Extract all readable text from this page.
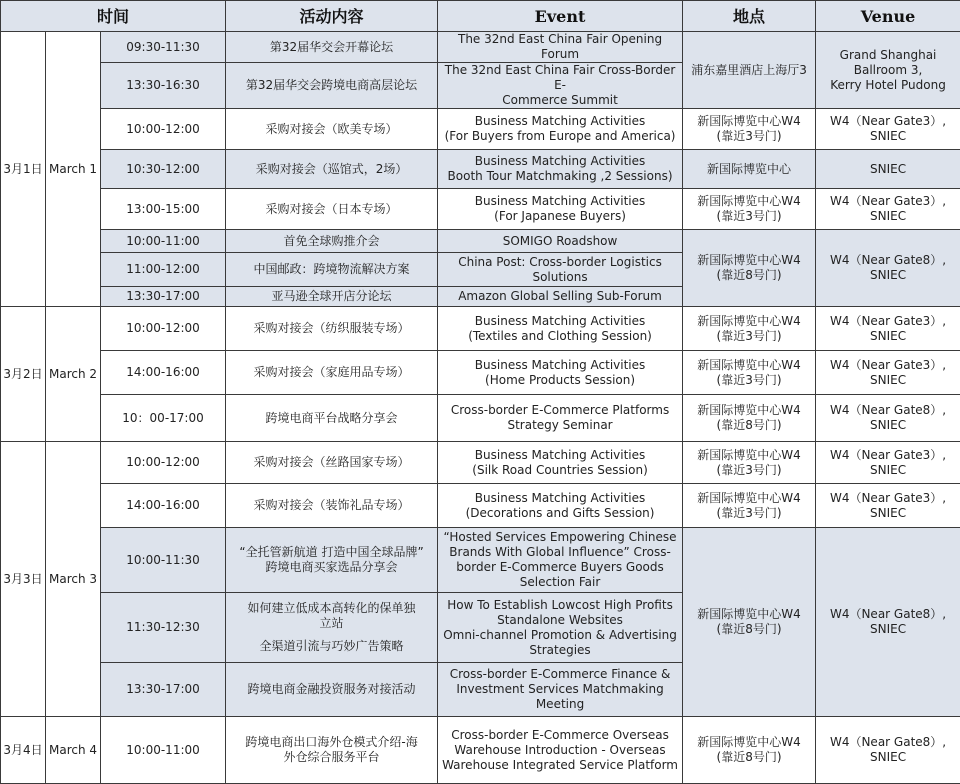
时间			活动内容	Event	地点	Venue
3月1日	March 1	09:30-11:30	第32届华交会开幕论坛	The 32nd East China Fair Opening Forum	浦东嘉里酒店上海厅3	Grand Shanghai
Ballroom 3,
Kerry Hotel Pudong

		13:30-16:30	第32届华交会跨境电商高层论坛	The 32nd East China Fair Cross-Border E-
Commerce Summit		

		10:00-12:00	采购对接会（欧美专场）	Business Matching Activities
(For Buyers from Europe and America)	新国际博览中心W4
(靠近3号门)	W4（Near Gate3）,
SNIEC

		10:30-12:00	采购对接会（巡馆式，2场）	Business Matching Activities
Booth Tour Matchmaking ,2 Sessions)	新国际博览中心	SNIEC

		13:00-15:00	采购对接会（日本专场）	Business Matching Activities
(For Japanese Buyers)	新国际博览中心W4
(靠近3号门)	W4（Near Gate3）,
SNIEC

		10:00-11:00	首免全球购推介会	SOMIGO Roadshow	新国际博览中心W4
(靠近8号门)	W4（Near Gate8）,
SNIEC

		11:00-12:00	中国邮政：跨境物流解决方案	China Post: Cross-border Logistics
Solutions		

		13:30-17:00	亚马逊全球开店分论坛	Amazon Global Selling Sub-Forum		

3月2日	March 2	10:00-12:00	采购对接会（纺织服装专场）	Business Matching Activities
(Textiles and Clothing Session)	新国际博览中心W4
(靠近3号门)	W4（Near Gate3）,
SNIEC

		14:00-16:00	采购对接会（家庭用品专场）	Business Matching Activities
(Home Products Session)	新国际博览中心W4
(靠近3号门)	W4（Near Gate3）,
SNIEC

		10：00-17:00	跨境电商平台战略分享会	Cross-border E-Commerce Platforms
Strategy Seminar	新国际博览中心W4
(靠近8号门)	W4（Near Gate8）,
SNIEC

3月3日	March 3	10:00-12:00	采购对接会（丝路国家专场）	Business Matching Activities
(Silk Road Countries Session)	新国际博览中心W4
(靠近3号门)	W4（Near Gate3）,
SNIEC

		14:00-16:00	采购对接会（装饰礼品专场）	Business Matching Activities
(Decorations and Gifts Session)	新国际博览中心W4
(靠近3号门)	W4（Near Gate3）,
SNIEC

		10:00-11:30	“全托管新航道 打造中国全球品牌”
跨境电商买家选品分享会	“Hosted Services Empowering Chinese
Brands With Global Influence” Cross-
border E-Commerce Buyers Goods
Selection Fair	新国际博览中心W4
(靠近8号门)	W4（Near Gate8）,
SNIEC

		11:30-12:30	如何建立低成本高转化的保单独
立站
全渠道引流与巧妙广告策略	How To Establish Lowcost High Profits
Standalone Websites
Omni-channel Promotion & Advertising
Strategies		

		13:30-17:00	跨境电商金融投资服务对接活动	Cross-border E-Commerce Finance &
Investment Services Matchmaking
Meeting		

3月4日	March 4	10:00-11:00	跨境电商出口海外仓模式介绍-海
外仓综合服务平台	Cross-border E-Commerce Overseas
Warehouse Introduction - Overseas
Warehouse Integrated Service Platform	新国际博览中心W4
(靠近8号门)	W4（Near Gate8）,
SNIEC
